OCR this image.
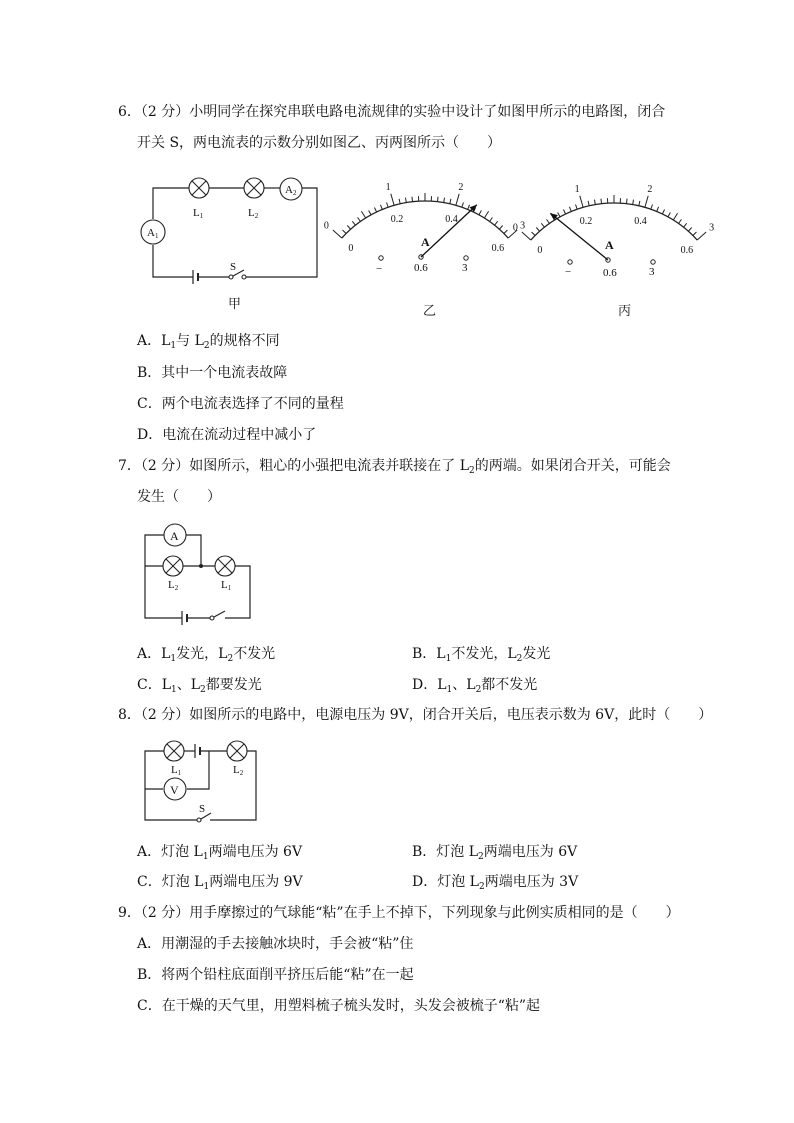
6．（2 分）小明同学在探究串联电路电流规律的实验中设计了如图甲所示的电路图，闭合
开关 S，两电流表的示数分别如图乙、丙两图所示（　　）
A2
A1
L1	L2
S
甲
A
−	0.6	3
乙
0
1	2
3
0
0.2	0.4
0.6	A
−	0.6	3
丙
0
1	2
3
0
0.2	0.4
0.6
A．$L_1$与 $L_2$的规格不同
B．其中一个电流表故障
C．两个电流表选择了不同的量程
D．电流在流动过程中减小了
7．（2 分）如图所示，粗心的小强把电流表并联接在了 $L_2$的两端。如果闭合开关，可能会
发生（　　）
A
L2	L1
A．$L_1$发光，$L_2$不发光	B．$L_1$不发光，$L_2$发光
C．$L_1$、$L_2$都要发光	D．$L_1$、$L_2$都不发光
8．（2 分）如图所示的电路中，电源电压为 9V，闭合开关后，电压表示数为 6V，此时（　　）
V
L1	L2
S
A．灯泡 $L_1$两端电压为 6V	B．灯泡 $L_2$两端电压为 6V
C．灯泡 $L_1$两端电压为 9V	D．灯泡 $L_2$两端电压为 3V
9．（2 分）用手摩擦过的气球能“粘”在手上不掉下，下列现象与此例实质相同的是（　　）
A．用潮湿的手去接触冰块时，手会被“粘”住
B．将两个铅柱底面削平挤压后能“粘”在一起
C．在干燥的天气里，用塑料梳子梳头发时，头发会被梳子“粘”起
